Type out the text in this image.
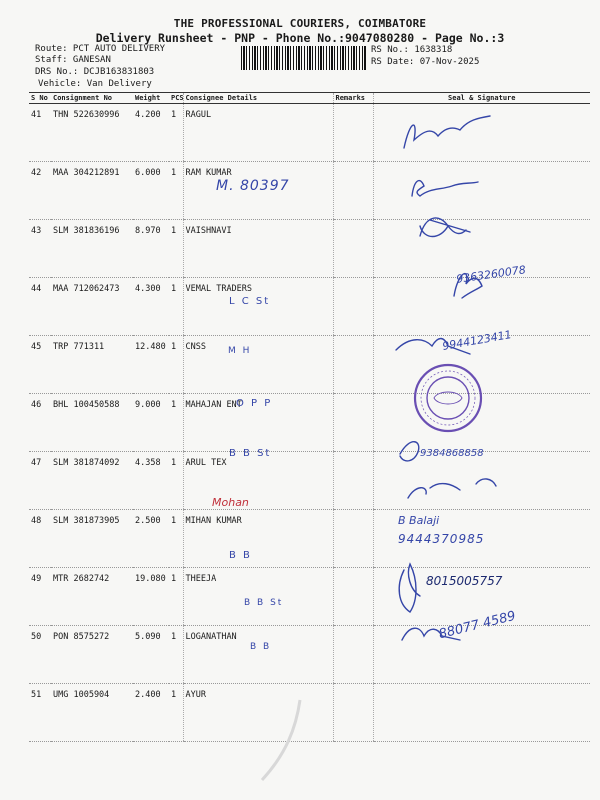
THE PROFESSIONAL COURIERS, COIMBATORE
Delivery Runsheet - PNP - Phone No.:9047080280 - Page No.:3
Route: PCT AUTO DELIVERY
Staff: GANESAN
DRS No.: DCJB163831803
Vehicle: Van Delivery
RS No.: 1638318
RS Date: 07-Nov-2025
S No	Consignment No	Weight	PCS	Consignee Details	Remarks	Seal & Signature
41	THN 522630996	4.200	1	RAGUL		
42	MAA 304212891	6.000	1	RAM KUMAR		
43	SLM 381836196	8.970	1	VAISHNAVI		
44	MAA 712062473	4.300	1	VEMAL TRADERS		
45	TRP 771311	12.480	1	CNSS		
46	BHL 100450588	9.000	1	MAHAJAN ENT		
47	SLM 381874092	4.358	1	ARUL TEX		
48	SLM 381873905	2.500	1	MIHAN KUMAR		
49	MTR 2682742	19.080	1	THEEJA		
50	PON 8575272	5.090	1	LOGANATHAN		
51	UMG 1005904	2.400	1	AYUR		
M. 80397
9363260078
L C St
9944123411
M H
O P P
B B St	9384868858
Mohan
B Balaji
9444370985
B B
8015005757
B B St
88077 4589
B B
